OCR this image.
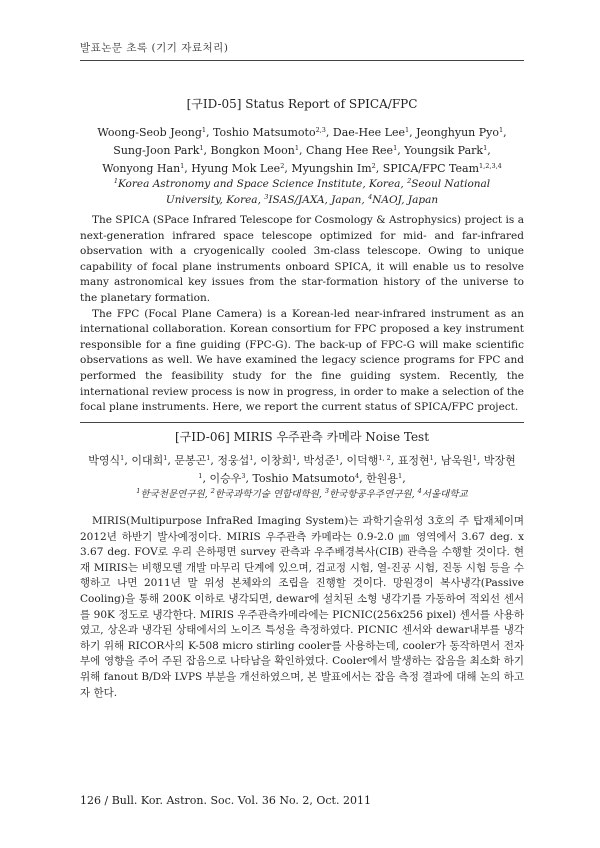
발표논문 초록 (기기 자료처리)
[구ID-05] Status Report of SPICA/FPC
Woong-Seob Jeong$^1$, Toshio Matsumoto$^{2,3}$, Dae-Hee Lee$^1$, Jeonghyun Pyo$^1$, Sung-Joon Park$^1$, Bongkon Moon$^1$, Chang Hee Ree$^1$, Youngsik Park$^1$, Wonyong Han$^1$, Hyung Mok Lee$^2$, Myungshin Im$^2$, SPICA/FPC Team$^{1,2,3,4}$
$^1$Korea Astronomy and Space Science Institute, Korea, $^2$Seoul National University, Korea, $^3$ISAS/JAXA, Japan, $^4$NAOJ, Japan

The SPICA (SPace Infrared Telescope for Cosmology & Astrophysics) project is a next-generation infrared space telescope optimized for mid- and far-infrared observation with a cryogenically cooled 3m-class telescope. Owing to unique capability of focal plane instruments onboard SPICA, it will enable us to resolve many astronomical key issues from the star-formation history of the universe to the planetary formation.

The FPC (Focal Plane Camera) is a Korean-led near-infrared instrument as an international collaboration. Korean consortium for FPC proposed a key instrument responsible for a fine guiding (FPC-G). The back-up of FPC-G will make scientific observations as well. We have examined the legacy science programs for FPC and performed the feasibility study for the fine guiding system. Recently, the international review process is now in progress, in order to make a selection of the focal plane instruments. Here, we report the current status of SPICA/FPC project.

[구ID-06] MIRIS 우주관측 카메라 Noise Test
박영식$^1$, 이대희$^1$, 문봉곤$^1$, 정웅섭$^1$, 이창희$^1$, 박성준$^1$, 이덕행$^{1, 2}$, 표정현$^1$, 남욱원$^1$, 박장현$^1$, 이승우$^3$, Toshio Matsumoto$^4$, 한원용$^1$,
$^1$한국천문연구원, $^2$한국과학기술 연합대학원, $^3$한국항공우주연구원, $^4$서울대학교

MIRIS(Multipurpose InfraRed Imaging System)는 과학기술위성 3호의 주 탑재체이며 2012년 하반기 발사예정이다. MIRIS 우주관측 카메라는 0.9-2.0 ㎛ 영역에서 3.67 deg. x 3.67 deg. FOV로 우리 은하평면 survey 관측과 우주배경복사(CIB) 관측을 수행할 것이다. 현재 MIRIS는 비행모델 개발 마무리 단계에 있으며, 검교정 시험, 열-진공 시험, 진동 시험 등을 수행하고 나면 2011년 말 위성 본체와의 조립을 진행할 것이다. 망원경이 복사냉각(Passive Cooling)을 통해 200K 이하로 냉각되면, dewar에 설치된 소형 냉각기를 가동하여 적외선 센서를 90K 정도로 냉각한다. MIRIS 우주관측카메라에는 PICNIC(256x256 pixel) 센서를 사용하였고, 상온과 냉각된 상태에서의 노이즈 특성을 측정하였다. PICNIC 센서와 dewar내부를 냉각하기 위해 RICOR사의 K-508 micro stirling cooler를 사용하는데, cooler가 동작하면서 전자부에 영향을 주어 주된 잡음으로 나타남을 확인하였다. Cooler에서 발생하는 잡음을 최소화 하기위해 fanout B/D와 LVPS 부분을 개선하였으며, 본 발표에서는 잡음 측정 결과에 대해 논의 하고자 한다.

126 / Bull. Kor. Astron. Soc. Vol. 36 No. 2, Oct. 2011
